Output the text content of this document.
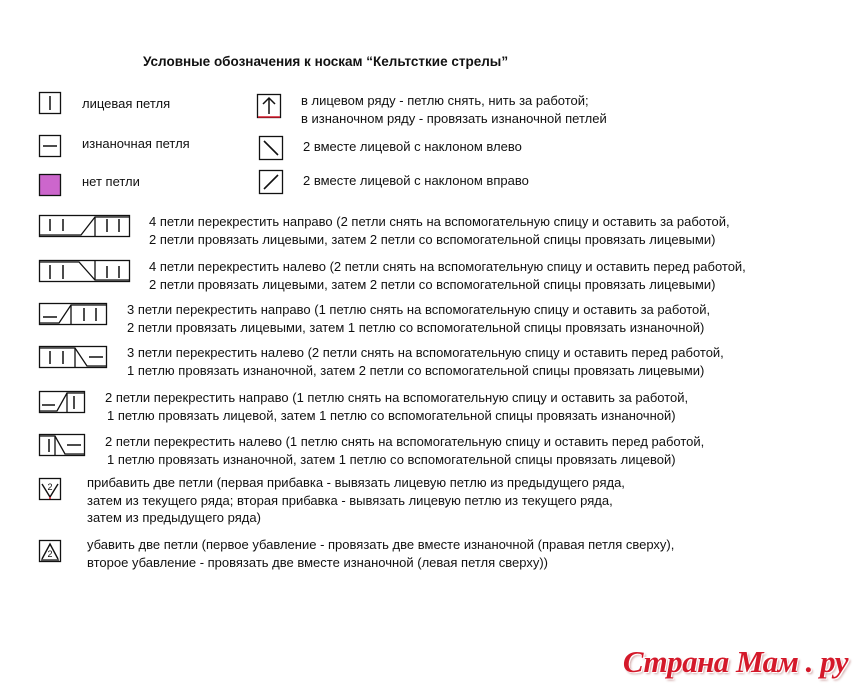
Условные обозначения к носкам “Кельтсткие стрелы”
лицевая петля
изнаночная петля
нет петли
в лицевом ряду - петлю снять, нить за работой;
в изнаночном ряду - провязать изнаночной петлей
2 вместе лицевой с наклоном влево
2 вместе лицевой с наклоном вправо
4 петли перекрестить направо (2 петли снять на вспомогательную спицу и оставить за работой,
2 петли провязать лицевыми, затем 2 петли со вспомогательной спицы провязать лицевыми)
4 петли перекрестить налево (2 петли снять на вспомогательную спицу и оставить перед работой,
2 петли провязать лицевыми, затем 2 петли со вспомогательной спицы провязать лицевыми)
3 петли перекрестить направо (1 петлю снять на вспомогательную спицу и оставить за работой,
2 петли провязать лицевыми, затем 1 петлю со вспомогательной спицы провязать изнаночной)
3 петли перекрестить налево (2 петли снять на вспомогательную спицу и оставить перед работой,
1 петлю провязать изнаночной, затем 2 петли со вспомогательной спицы провязать лицевыми)
2 петли перекрестить направо (1 петлю снять на вспомогательную спицу и оставить за работой,
1 петлю провязать лицевой, затем 1 петлю со вспомогательной спицы провязать изнаночной)
2 петли перекрестить налево (1 петлю снять на вспомогательную спицу и оставить перед работой,
1 петлю провязать изнаночной, затем 1 петлю со вспомогательной спицы провязать лицевой)
2	прибавить две петли (первая прибавка - вывязать лицевую петлю из предыдущего ряда,
затем из текущего ряда; вторая прибавка - вывязать лицевую петлю из текущего ряда,
затем из предыдущего ряда)
2
убавить две петли (первое убавление - провязать две вместе изнаночной (правая петля сверху),
второе убавление - провязать две вместе изнаночной (левая петля сверху))
Страна Мам . ру
